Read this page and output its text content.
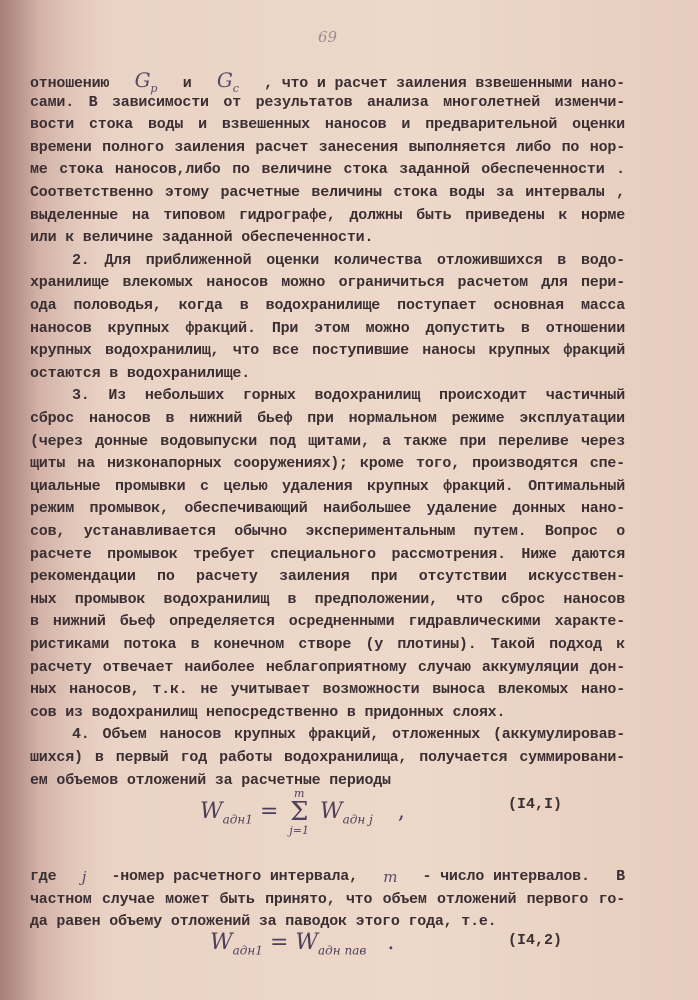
69
отношению $G_p$ и $G_c$ , что и расчет заиления взвешенными нано-
сами. В зависимости от результатов анализа многолетней изменчи-
вости стока воды и взвешенных наносов и предварительной оценки
времени полного заиления расчет занесения выполняется либо по нор-
ме стока наносов,либо по величине стока заданной обеспеченности .
Соответственно этому расчетные величины стока воды за интервалы ,
выделенные на типовом гидрографе, должны быть приведены к норме
или к величине заданной обеспеченности.
2. Для приближенной оценки количества отложившихся в водо-
хранилище влекомых наносов можно ограничиться расчетом для пери-
ода половодья, когда в водохранилище поступает основная масса
наносов крупных фракций. При этом можно допустить в отношении
крупных водохранилищ, что все поступившие наносы крупных фракций
остаются в водохранилище.
3. Из небольших горных водохранилищ происходит частичный
сброс наносов в нижний бьеф при нормальном режиме эксплуатации
(через донные водовыпуски под щитами, а также при переливе через
щиты на низконапорных сооружениях); кроме того, производятся спе-
циальные промывки с целью удаления крупных фракций. Оптимальный
режим промывок, обеспечивающий наибольшее удаление донных нано-
сов, устанавливается обычно экспериментальным путем. Вопрос о
расчете промывок требует специального рассмотрения. Ниже даются
рекомендации по расчету заиления при отсутствии искусствен-
ных промывок водохранилищ в предположении, что сброс наносов
в нижний бьеф определяется осредненными гидравлическими характе-
ристиками потока в конечном створе (у плотины). Такой подход к
расчету отвечает наиболее неблагоприятному случаю аккумуляции дон-
ных наносов, т.к. не учитывает возможности выноса влекомых нано-
сов из водохранилищ непосредственно в придонных слоях.
4. Объем наносов крупных фракций, отложенных (аккумулировав-
шихся) в первый год работы водохранилища, получается суммировани-
ем объемов отложений за расчетные периоды
$W_{адн1}$ =
m
Σ
j=1
$W_{адн j}$ ,	(I4,I)
где j -номер расчетного интервала, m - число интервалов.   В
частном случае может быть принято, что объем отложений первого го-
да равен объему отложений за паводок этого года, т.е.
$W_{адн1} = W_{адн пав}$ .	(I4,2)
